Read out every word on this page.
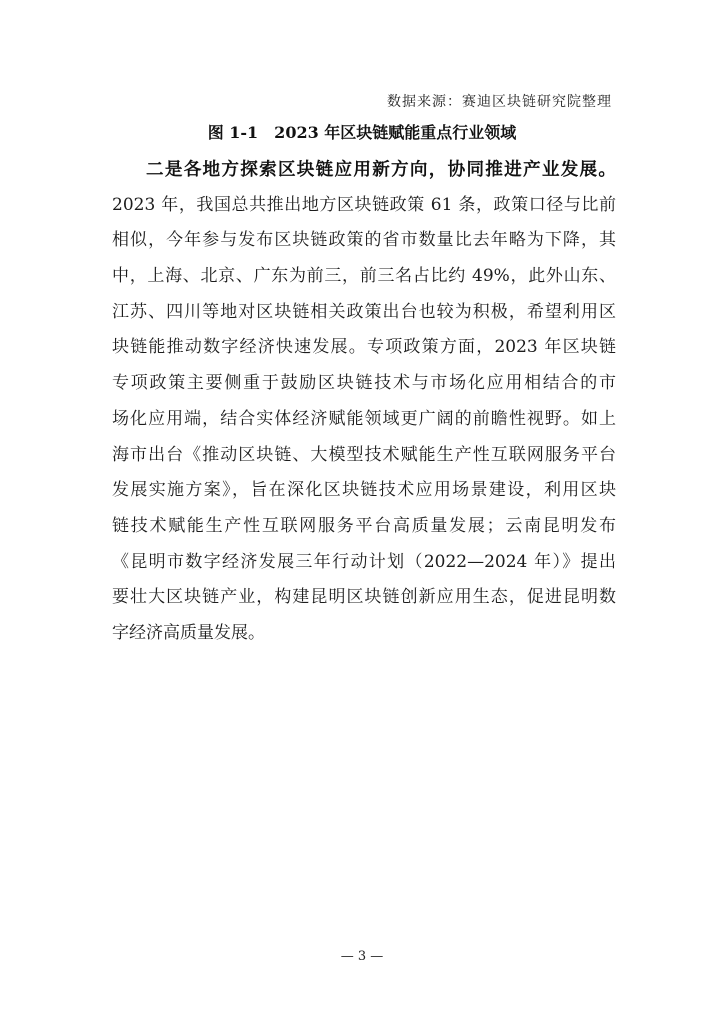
数据来源：赛迪区块链研究院整理
图 1-1　2023 年区块链赋能重点行业领域
二是各地方探索区块链应用新方向，协同推进产业发展。
2023 年，我国总共推出地方区块链政策 61 条，政策口径与比前
相似，今年参与发布区块链政策的省市数量比去年略为下降，其
中，上海、北京、广东为前三，前三名占比约 49%，此外山东、
江苏、四川等地对区块链相关政策出台也较为积极，希望利用区
块链能推动数字经济快速发展。专项政策方面，2023 年区块链
专项政策主要侧重于鼓励区块链技术与市场化应用相结合的市
场化应用端，结合实体经济赋能领域更广阔的前瞻性视野。如上
海市出台《推动区块链、大模型技术赋能生产性互联网服务平台
发展实施方案》，旨在深化区块链技术应用场景建设，利用区块
链技术赋能生产性互联网服务平台高质量发展；云南昆明发布
《昆明市数字经济发展三年行动计划（2022—2024 年）》提出
要壮大区块链产业，构建昆明区块链创新应用生态，促进昆明数
字经济高质量发展。
— 3 —
